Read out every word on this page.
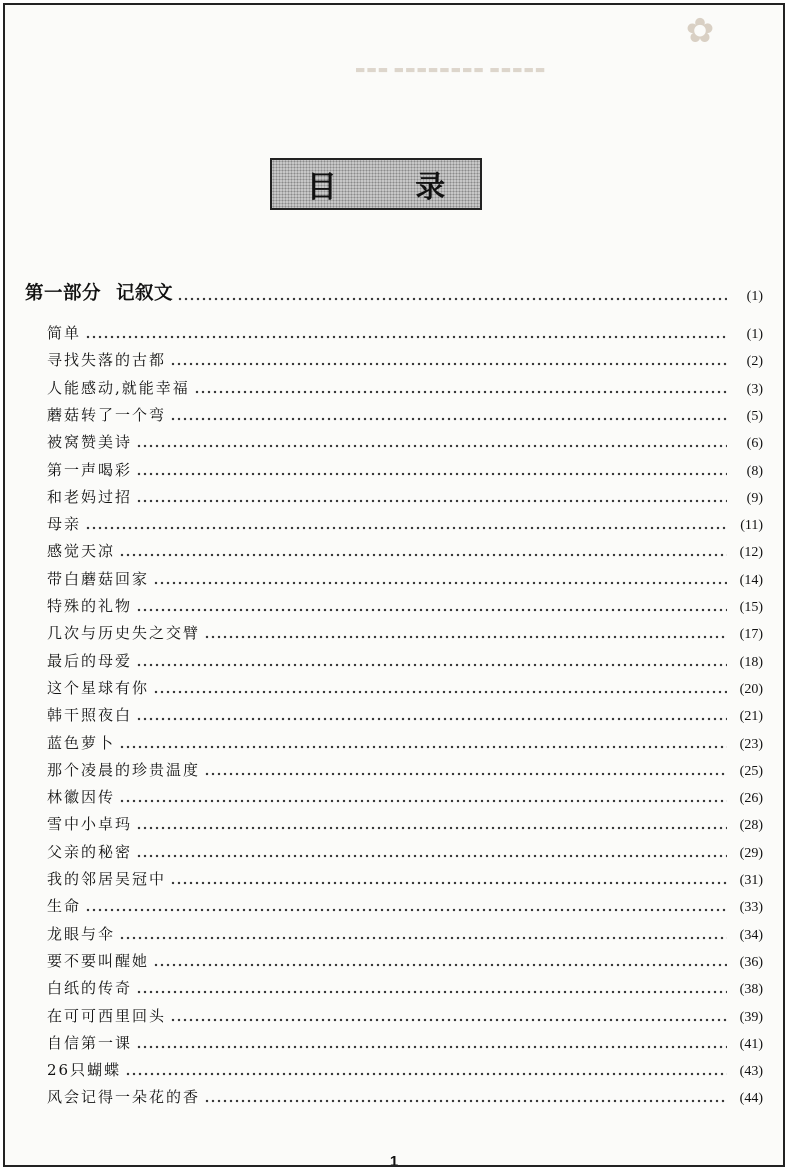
✿
▬▬▬ ▬▬▬▬▬▬▬▬ ▬▬▬▬▬
目 录
第一部分 记叙文	(1)
简单	(1)
寻找失落的古都	(2)
人能感动,就能幸福	(3)
蘑菇转了一个弯	(5)
被窝赞美诗	(6)
第一声喝彩	(8)
和老妈过招	(9)
母亲	(11)
感觉天凉	(12)
带白蘑菇回家	(14)
特殊的礼物	(15)
几次与历史失之交臂	(17)
最后的母爱	(18)
这个星球有你	(20)
韩干照夜白	(21)
蓝色萝卜	(23)
那个凌晨的珍贵温度	(25)
林徽因传	(26)
雪中小卓玛	(28)
父亲的秘密	(29)
我的邻居吴冠中	(31)
生命	(33)
龙眼与伞	(34)
要不要叫醒她	(36)
白纸的传奇	(38)
在可可西里回头	(39)
自信第一课	(41)
26只蝴蝶	(43)
风会记得一朵花的香	(44)
1
